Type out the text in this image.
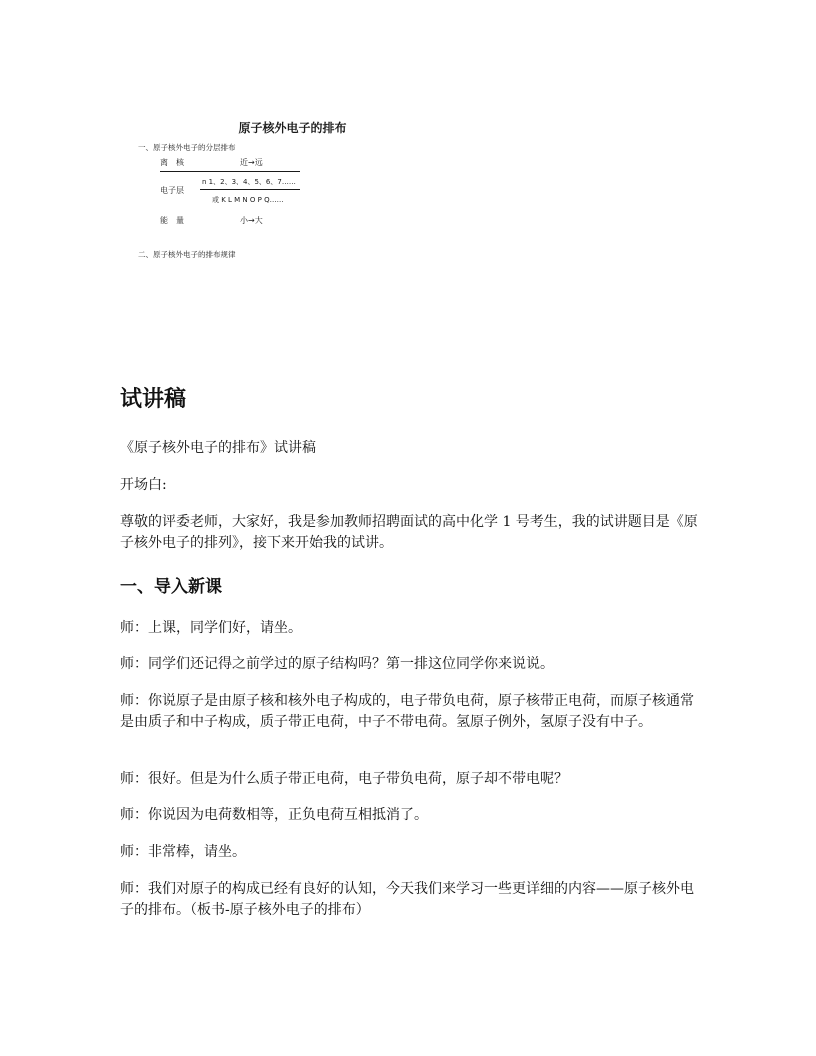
原子核外电子的排布
一、原子核外电子的分层排布
离　核	近→远
电子层
n 1、2、3、4、5、6、7……
或 K L M N O P Q……
能　量	小→大
二、原子核外电子的排布规律
试讲稿

《原子核外电子的排布》试讲稿

开场白:

尊敬的评委老师，大家好，我是参加教师招聘面试的高中化学 1 号考生，我的试讲题目是《原子核外电子的排列》，接下来开始我的试讲。

一、导入新课

师：上课，同学们好，请坐。

师：同学们还记得之前学过的原子结构吗？第一排这位同学你来说说。

师：你说原子是由原子核和核外电子构成的，电子带负电荷，原子核带正电荷，而原子核通常是由质子和中子构成，质子带正电荷，中子不带电荷。氢原子例外，氢原子没有中子。

师：很好。但是为什么质子带正电荷，电子带负电荷，原子却不带电呢？

师：你说因为电荷数相等，正负电荷互相抵消了。

师：非常棒，请坐。

师：我们对原子的构成已经有良好的认知，今天我们来学习一些更详细的内容——原子核外电子的排布。（板书-原子核外电子的排布）
